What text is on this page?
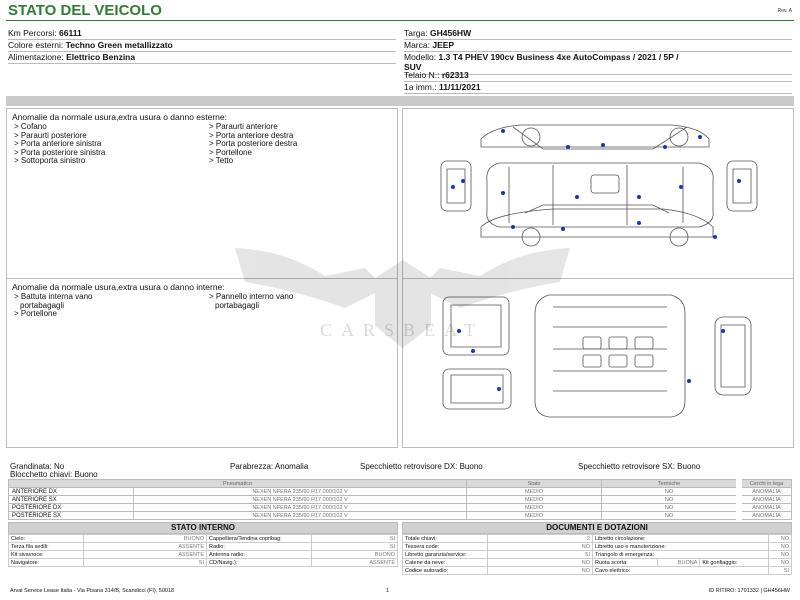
STATO DEL VEICOLO	Rev. A
Km Percorsi: 66111
Colore esterni: Techno Green metallizzato
Alimentazione: Elettrico Benzina
Targa: GH456HW
Marca: JEEP
Modello: 1.3 T4 PHEV 190cv Business 4xe AutoCompass / 2021 / 5P /
SUV
Telaio N.: r62313
1a imm.: 11/11/2021
Anomalie da normale usura,extra usura o danno esterne:
> Cofano
> Paraurti posteriore
> Porta anteriore sinistra
> Porta posteriore sinistra
> Sottoporta sinistro
> Paraurti anteriore
> Porta anteriore destra
> Porta posteriore destra
> Portellone
> Tetto
Anomalie da normale usura,extra usura o danno interne:
> Battuta interna vano
portabagagli
> Portellone
> Pannello interno vano
portabagagli
Grandinata: No	Parabrezza: Anomalia	Specchietto retrovisore DX: Buono	Specchietto retrovisore SX: Buono
Blocchetto chiavi: Buono
Pneumatico		Stato	Termiche	Cerchi in lega
ANTERIORE DX	NEXEN NFERA 235/60 R17 000/102 V	MEDIO	NO	ANOMALIA
ANTERIORE SX	NEXEN NFERA 235/60 R17 000/102 V	MEDIO	NO	ANOMALIA
POSTERIORE DX	NEXEN NFERA 235/60 R17 000/102 V	MEDIO	NO	ANOMALIA
POSTERIORE SX	NEXEN NFERA 235/60 R17 000/102 V	MEDIO	NO	ANOMALIA
STATO INTERNO
Cielo:	BUONO	Cappelliera/Tendina copribag:	SI
Terza fila sedili:	ASSENTE	Radio:	SI
Kit sivavroce:	ASSENTE	Antenna radio:	BUONO
Navigatore:	SI	CD/Navig.):	ASSENTE
DOCUMENTI E DOTAZIONI
Totale chiavi:	2	Libretto circolazione:			NO
Tessera code:	NO	Libretto uso e manutenzione:			NO
Libretto garanzia/service:	SI	Triangolo di emergenza:			NO
Catene da neve:	NO	Ruota scorta:	BUONA	Kit gonfiaggio:	NO
Codice autoradio:	NO	Cavo elettrico:			SI
Arval Service Lease Italia - Via Pisana 314/B, Scandicci (FI), 50018	1	ID RITIRO: 1701332 | GH456HW
